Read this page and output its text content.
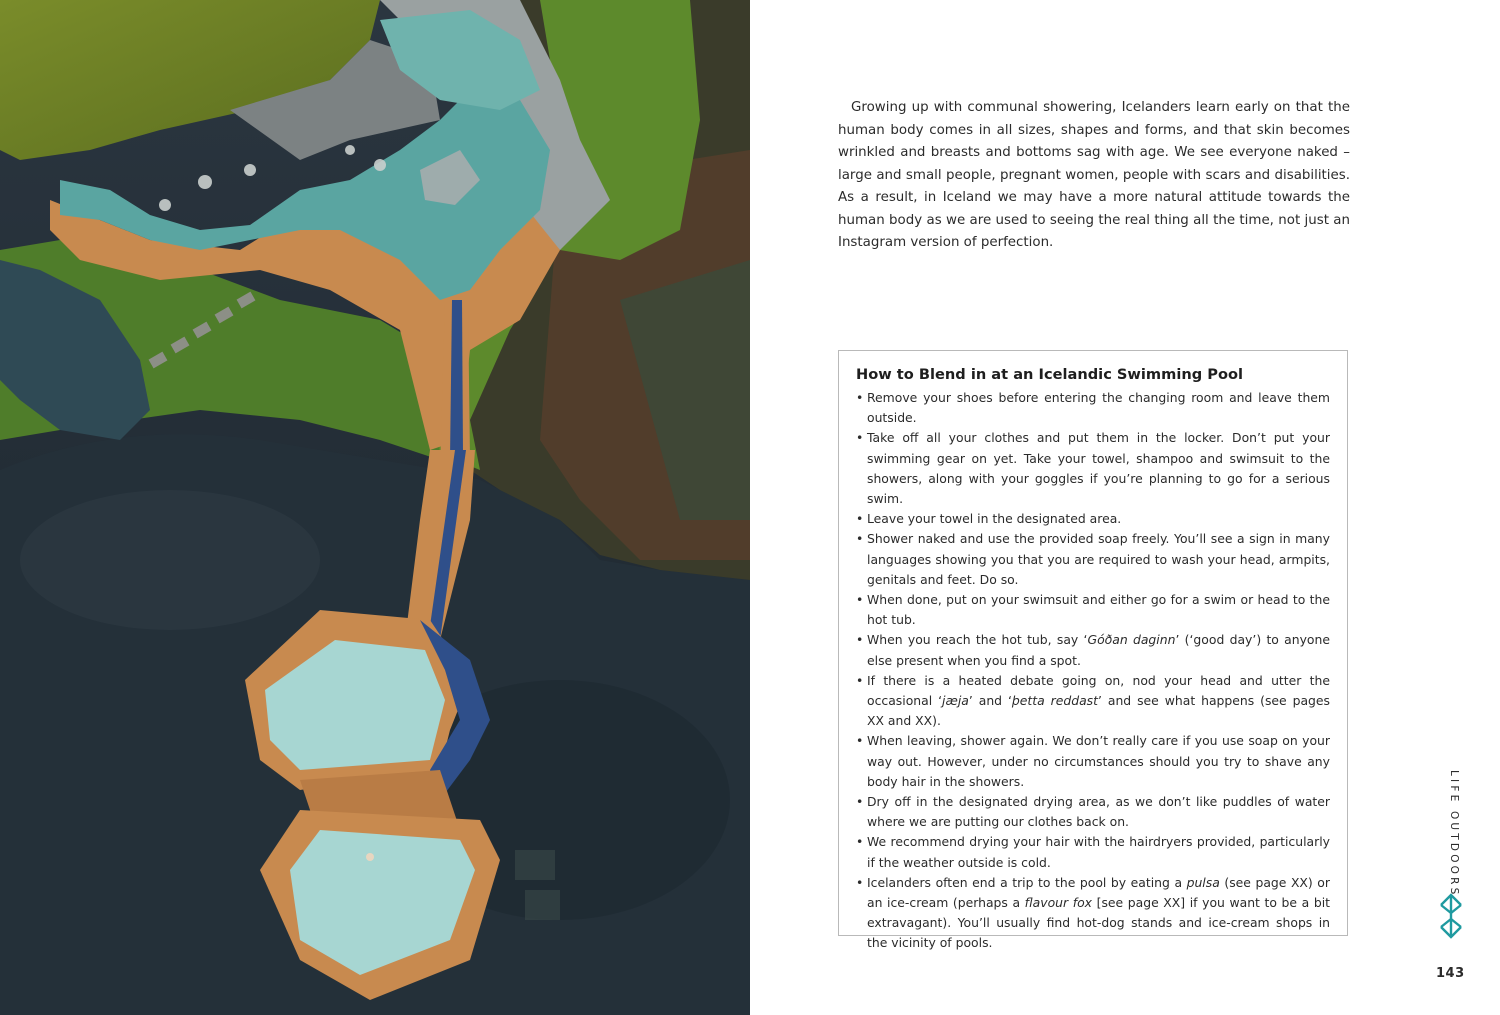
Growing up with communal showering, Icelanders learn early on that the human body comes in all sizes, shapes and forms, and that skin becomes wrinkled and breasts and bottoms sag with age. We see everyone naked – large and small people, pregnant women, people with scars and disabilities. As a result, in Iceland we may have a more natural attitude towards the human body as we are used to seeing the real thing all the time, not just an Instagram version of perfection.

How to Blend in at an Icelandic Swimming Pool
• Remove your shoes before entering the changing room and leave them outside.
• Take off all your clothes and put them in the locker. Don’t put your swimming gear on yet. Take your towel, shampoo and swimsuit to the showers, along with your goggles if you’re planning to go for a serious swim.
• Leave your towel in the designated area.
• Shower naked and use the provided soap freely. You’ll see a sign in many languages showing you that you are required to wash your head, armpits, genitals and feet. Do so.
• When done, put on your swimsuit and either go for a swim or head to the hot tub.
• When you reach the hot tub, say ‘Góðan daginn’ (‘good day’) to anyone else present when you find a spot.
• If there is a heated debate going on, nod your head and utter the occasional ‘jæja’ and ‘þetta reddast’ and see what happens (see pages XX and XX).
• When leaving, shower again. We don’t really care if you use soap on your way out. However, under no circumstances should you try to shave any body hair in the showers.
• Dry off in the designated drying area, as we don’t like puddles of water where we are putting our clothes back on.
• We recommend drying your hair with the hairdryers provided, particularly if the weather outside is cold.
• Icelanders often end a trip to the pool by eating a pulsa (see page XX) or an ice-cream (perhaps a flavour fox [see page XX] if you want to be a bit extravagant). You’ll usually find hot-dog stands and ice-cream shops in the vicinity of pools.
LIFE OUTDOORS
143
